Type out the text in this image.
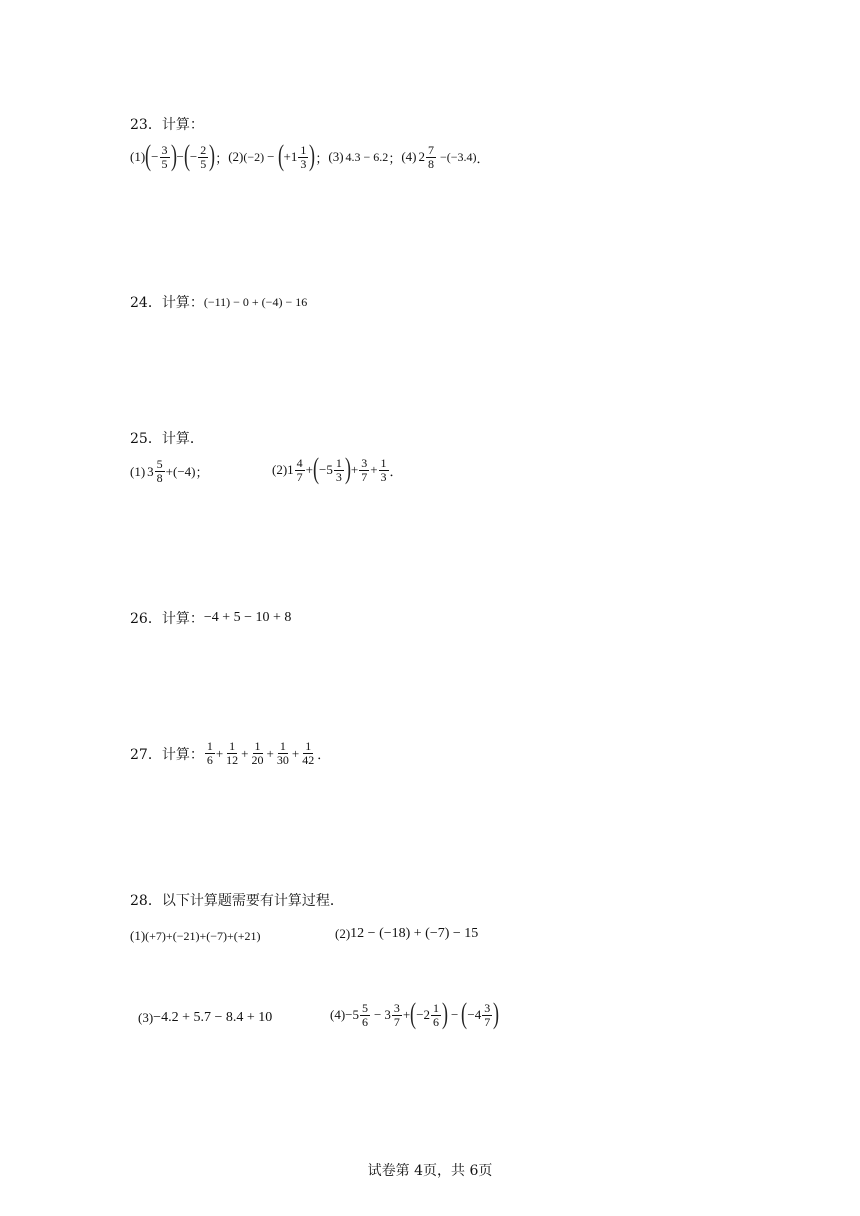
23．计算：
(1) ( − $\frac{3}{5}$ ) − ( − $\frac{2}{5}$ ) ； (2) (−2) − ( $+1 \frac{1}{3}$ ) ； (3) 4.3 − 6.2 ； (4) $2 \frac{7}{8} -(-3.4)$ ．
24．计算： (−11) − 0 + (−4) − 16
25．计算．
(1) $3 \frac{5}{8} +(-4)$ ；	(2) $1 \frac{4}{7}$ + ( $-5 \frac{1}{3}$ ) + $\frac{3}{7} + \frac{1}{3}$ ．
26．计算： −4 + 5 − 10 + 8
27．计算： $\frac{1}{6} + \frac{1}{12} + \frac{1}{20} + \frac{1}{30} + \frac{1}{42}$ ．
28．以下计算题需要有计算过程．
(1) (+7)+(−21)+(−7)+(+21)	(2) 12 − (−18) + (−7) − 15
(3) −4.2 + 5.7 − 8.4 + 10	$(4) -5 \frac{5}{6} - 3 \frac{3}{7}$ + ( $-2 \frac{1}{6}$ ) − ( $-4 \frac{3}{7}$ )
试卷第 4页，共 6页
